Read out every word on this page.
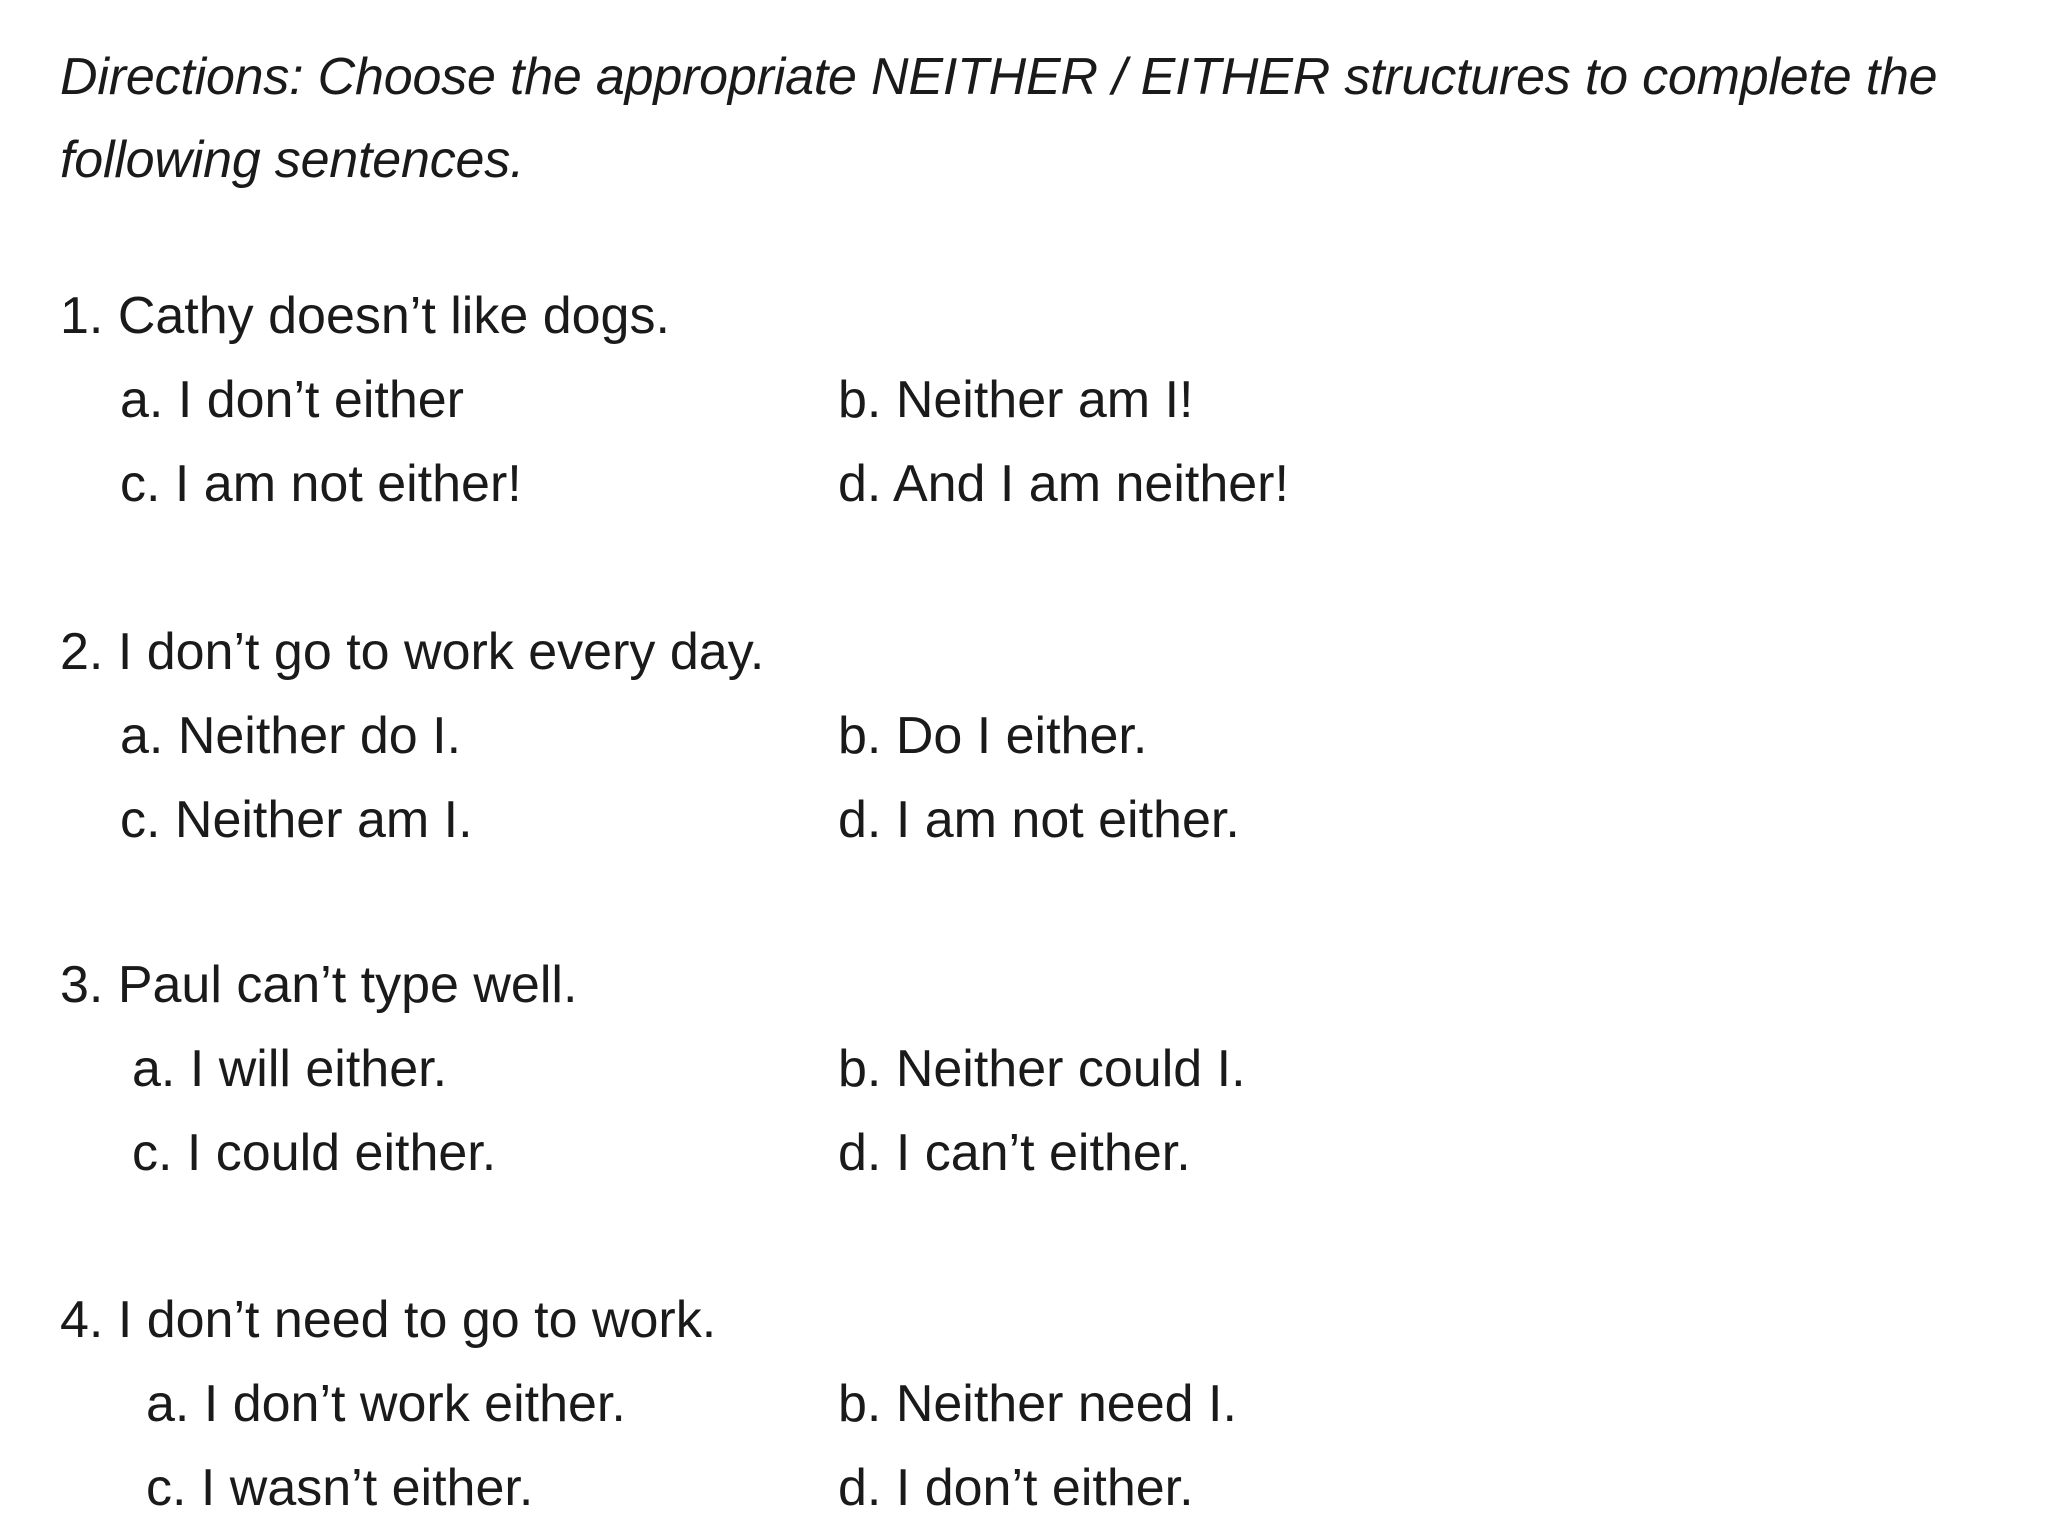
Directions: Choose the appropriate NEITHER / EITHER structures to complete the following sentences.
1. Cathy doesn’t like dogs.
a. I don’t either	b. Neither am I!
c. I am not either!	d. And I am neither!
2. I don’t go to work every day.
a. Neither do I.	b. Do I either.
c. Neither am I.	d. I am not either.
3. Paul can’t type well.
a. I will either.	b. Neither could I.
c. I could either.	d. I can’t either.
4. I don’t need to go to work.
a. I don’t work either.	b. Neither need I.
c. I wasn’t either.	d. I don’t either.
